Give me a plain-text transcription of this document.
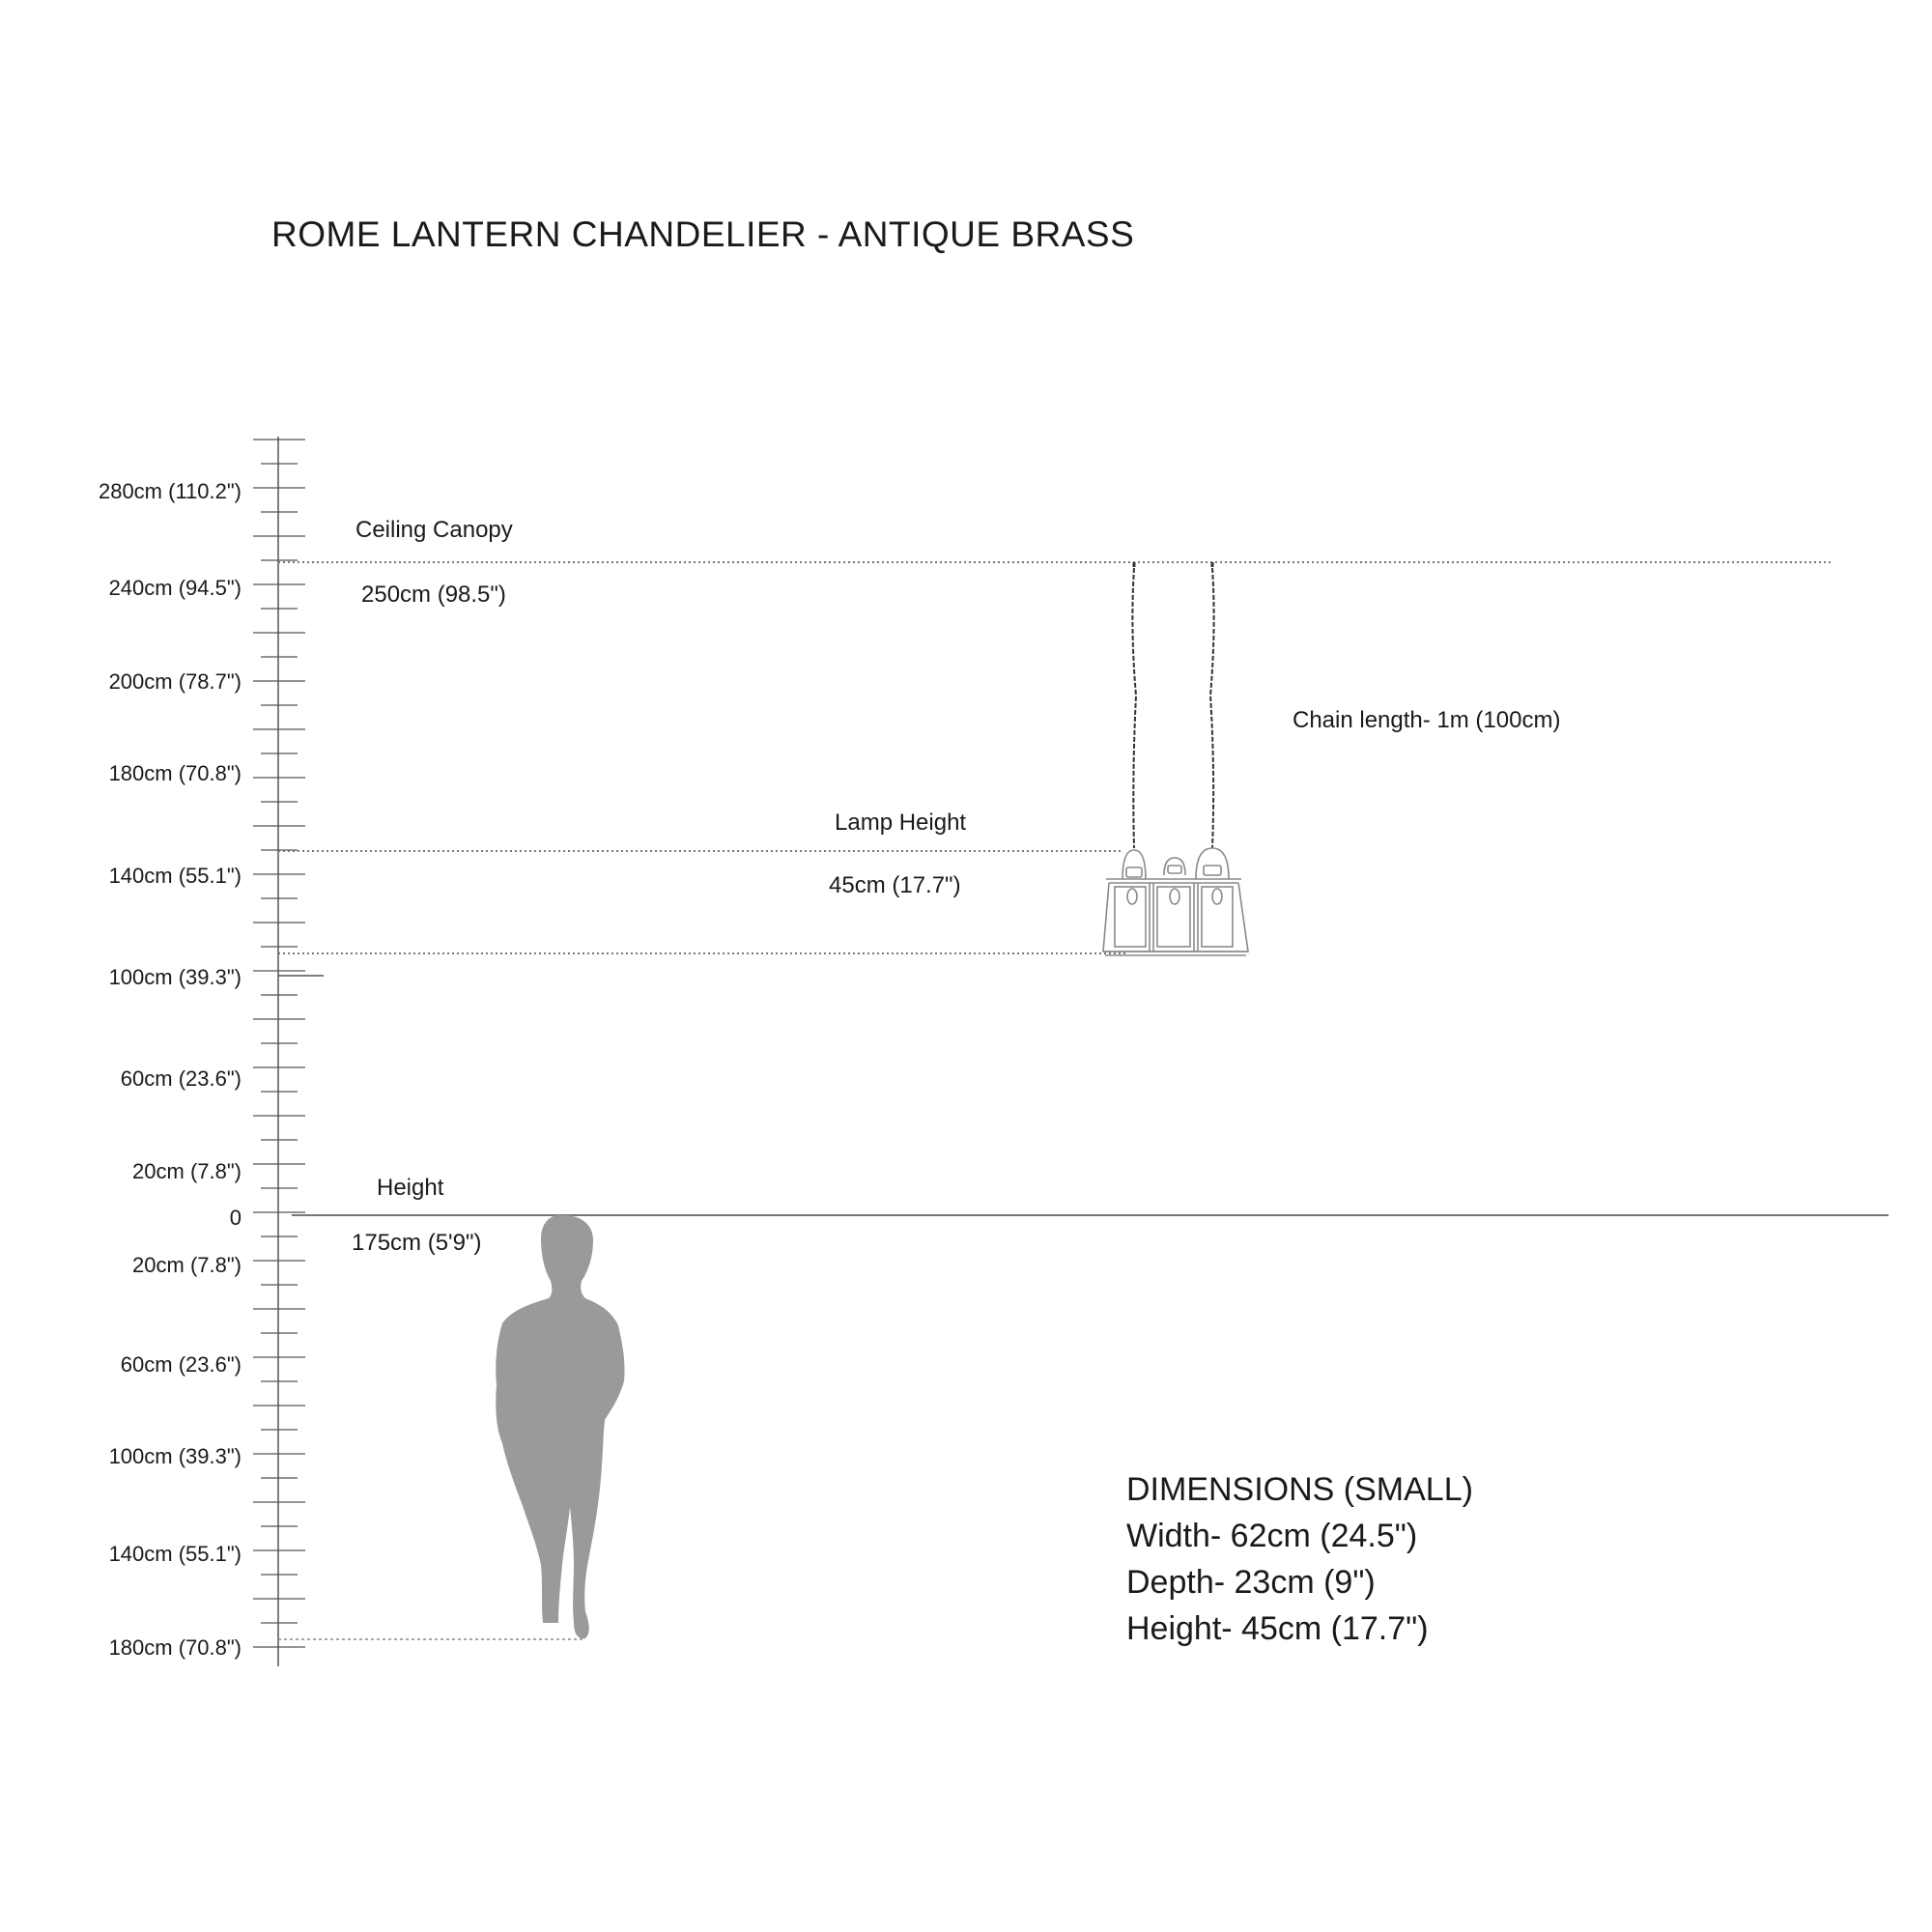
ROME LANTERN CHANDELIER - ANTIQUE BRASS
280cm (110.2")
240cm (94.5")
200cm (78.7")
180cm (70.8")
140cm (55.1")
100cm (39.3")
60cm (23.6")
20cm (7.8")
0
20cm (7.8")
60cm (23.6")
100cm (39.3")
140cm (55.1")
180cm (70.8")
Ceiling Canopy
250cm (98.5")
Chain length- 1m (100cm)
Lamp Height
45cm (17.7")
Height
175cm (5'9")
DIMENSIONS (SMALL)
Width- 62cm (24.5")
Depth- 23cm (9")
Height- 45cm (17.7")
